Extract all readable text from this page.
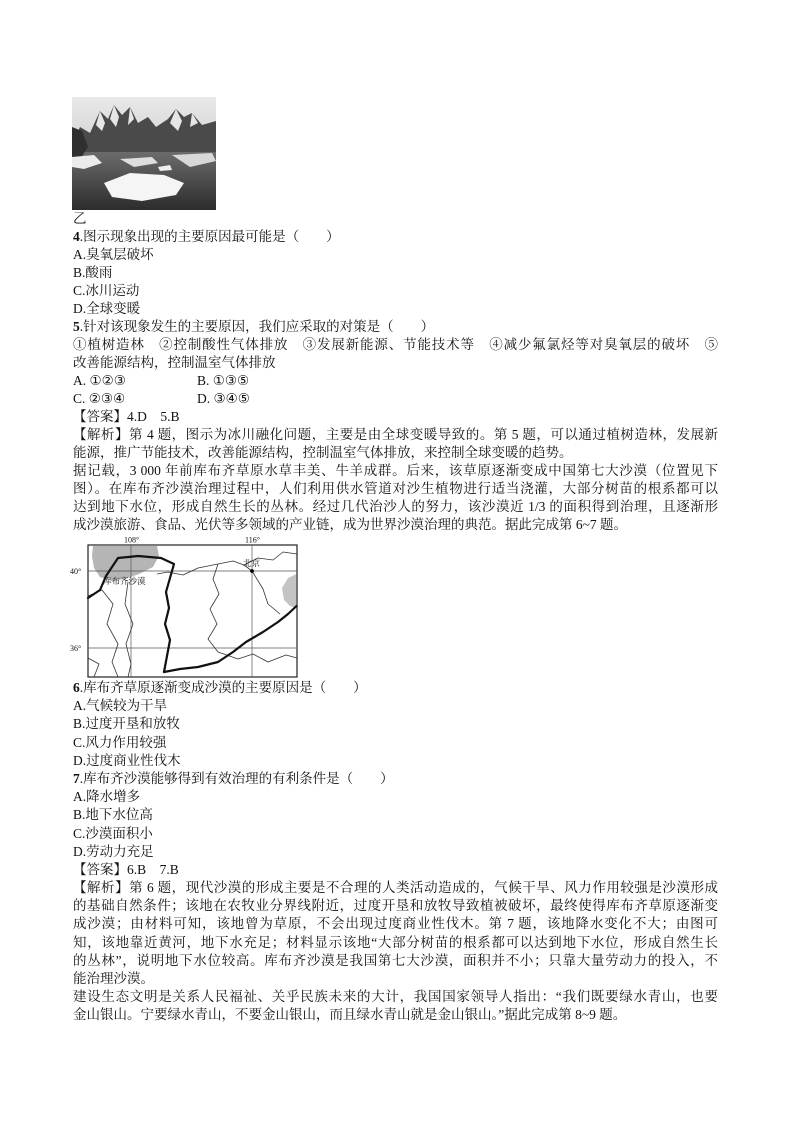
乙
4.图示现象出现的主要原因最可能是（　　）
A.臭氧层破坏
B.酸雨
C.冰川运动
D.全球变暖
5.针对该现象发生的主要原因，我们应采取的对策是（　　）
①植树造林　②控制酸性气体排放　③发展新能源、节能技术等　④减少氟氯烃等对臭氧层的破坏　⑤
改善能源结构，控制温室气体排放
A. ①②③	B. ①③⑤
C. ②③④	D. ③④⑤
【答案】4.D　5.B
【解析】第 4 题，图示为冰川融化问题，主要是由全球变暖导致的。第 5 题，可以通过植树造林，发展新
能源，推广节能技术，改善能源结构，控制温室气体排放，来控制全球变暖的趋势。
据记载，3 000 年前库布齐草原水草丰美、牛羊成群。后来，该草原逐渐变成中国第七大沙漠（位置见下
图）。在库布齐沙漠治理过程中，人们利用供水管道对沙生植物进行适当浇灌，大部分树苗的根系都可以
达到地下水位，形成自然生长的丛林。经过几代治沙人的努力，该沙漠近 1/3 的面积得到治理，且逐渐形
成沙漠旅游、食品、光伏等多领域的产业链，成为世界沙漠治理的典范。据此完成第 6~7 题。
108°	116°
40°
36°
库布齐沙漠
北京
6.库布齐草原逐渐变成沙漠的主要原因是（　　）
A.气候较为干旱
B.过度开垦和放牧
C.风力作用较强
D.过度商业性伐木
7.库布齐沙漠能够得到有效治理的有利条件是（　　）
A.降水增多
B.地下水位高
C.沙漠面积小
D.劳动力充足
【答案】6.B　7.B
【解析】第 6 题，现代沙漠的形成主要是不合理的人类活动造成的，气候干旱、风力作用较强是沙漠形成
的基础自然条件；该地在农牧业分界线附近，过度开垦和放牧导致植被破坏，最终使得库布齐草原逐渐变
成沙漠；由材料可知，该地曾为草原，不会出现过度商业性伐木。第 7 题，该地降水变化不大；由图可
知，该地靠近黄河，地下水充足；材料显示该地“大部分树苗的根系都可以达到地下水位，形成自然生长
的丛林”，说明地下水位较高。库布齐沙漠是我国第七大沙漠，面积并不小；只靠大量劳动力的投入，不
能治理沙漠。
建设生态文明是关系人民福祉、关乎民族未来的大计，我国国家领导人指出：“我们既要绿水青山，也要
金山银山。宁要绿水青山，不要金山银山，而且绿水青山就是金山银山。”据此完成第 8~9 题。
